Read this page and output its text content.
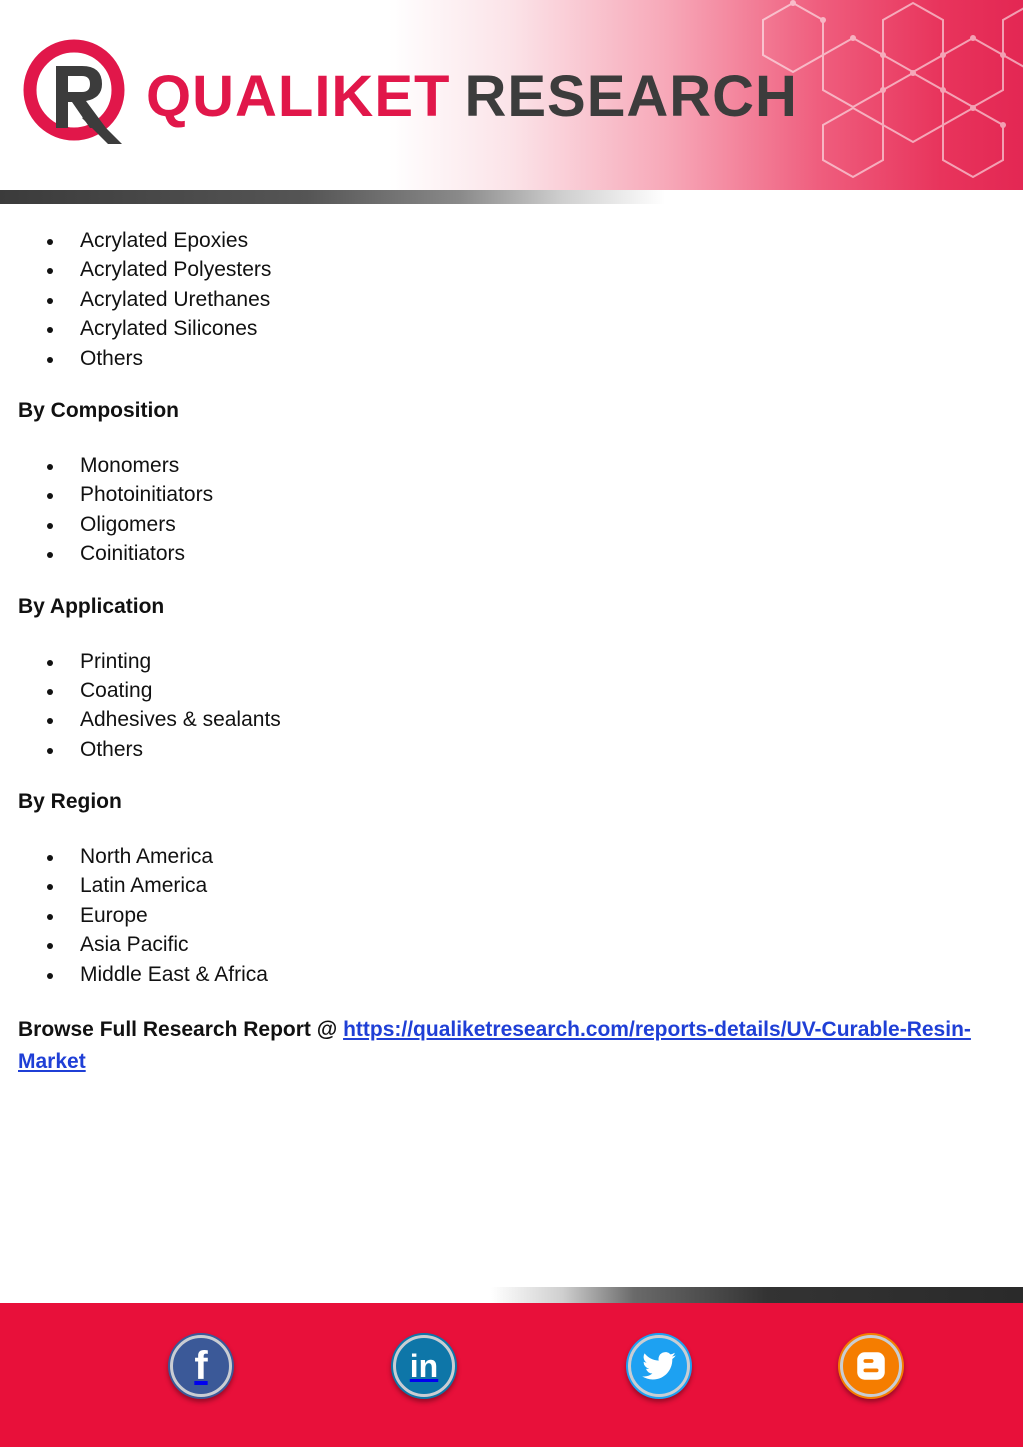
QUALIKET RESEARCH
Acrylated Epoxies
Acrylated Polyesters
Acrylated Urethanes
Acrylated Silicones
Others
By Composition
Monomers
Photoinitiators
Oligomers
Coinitiators
By Application
Printing
Coating
Adhesives & sealants
Others
By Region
North America
Latin America
Europe
Asia Pacific
Middle East & Africa
Browse Full Research Report @ https://qualiketresearch.com/reports-details/UV-Curable-Resin-Market
f	in
